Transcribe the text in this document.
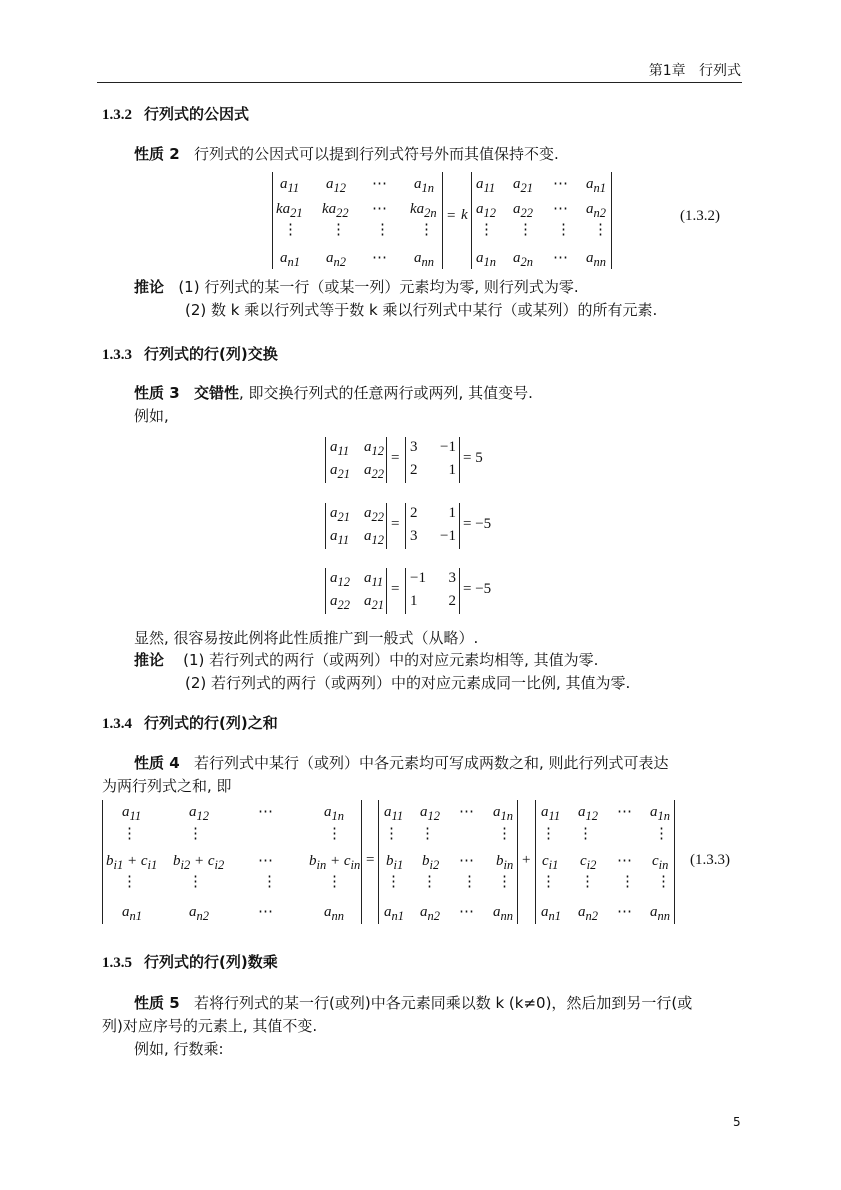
第1章 行列式
1.3.2 行列式的公因式
性质 2 行列式的公因式可以提到行列式符号外而其值保持不变.
$a_{11}$ $a_{12}$ ⋯ $a_{1n}$
$ka_{21}$ $ka_{22}$ ⋯ $ka_{2n}$
⋮ ⋮ ⋮ ⋮
$a_{n1}$ $a_{n2}$ ⋯ $a_{nn}$
= k
$a_{11}$ $a_{21}$ ⋯ $a_{n1}$
$a_{12}$ $a_{22}$ ⋯ $a_{n2}$
⋮ ⋮ ⋮ ⋮
$a_{1n}$ $a_{2n}$ ⋯ $a_{nn}$
(1.3.2)
推论 (1) 行列式的某一行（或某一列）元素均为零, 则行列式为零.
(2) 数 k 乘以行列式等于数 k 乘以行列式中某行（或某列）的所有元素.
1.3.3 行列式的行(列)交换
性质 3 交错性, 即交换行列式的任意两行或两列, 其值变号.
例如,
$a_{11}$ $a_{12}$
$a_{21}$ $a_{22}$
=
3	−1
2	1
= 5
$a_{21}$ $a_{22}$
$a_{11}$ $a_{12}$
=
2	1
3	−1
= −5
$a_{12}$ $a_{11}$
$a_{22}$ $a_{21}$
=
−1	3
1	2
= −5
显然, 很容易按此例将此性质推广到一般式（从略）.
推论 (1) 若行列式的两行（或两列）中的对应元素均相等, 其值为零.
(2) 若行列式的两行（或两列）中的对应元素成同一比例, 其值为零.
1.3.4 行列式的行(列)之和
性质 4 若行列式中某行（或列）中各元素均可写成两数之和, 则此行列式可表达
为两行列式之和, 即
$a_{11}$	$a_{12}$	⋯	$a_{1n}$
⋮	⋮	⋮
$b_{i1} + c_{i1}$ $b_{i2} + c_{i2}$ ⋯ $b_{in} + c_{in}$
⋮	⋮	⋮	⋮
$a_{n1}$	$a_{n2}$	⋯	$a_{nn}$
=
$a_{11}$ $a_{12}$ ⋯ $a_{1n}$
⋮ ⋮	⋮
$b_{i1}$ $b_{i2}$ ⋯ $b_{in}$
⋮ ⋮ ⋮ ⋮
$a_{n1}$ $a_{n2}$ ⋯ $a_{nn}$
+
$a_{11}$ $a_{12}$ ⋯ $a_{1n}$
⋮ ⋮	⋮
$c_{i1}$ $c_{i2}$ ⋯ $c_{in}$
⋮ ⋮ ⋮ ⋮
$a_{n1}$ $a_{n2}$ ⋯ $a_{nn}$
(1.3.3)
1.3.5 行列式的行(列)数乘
性质 5 若将行列式的某一行(或列)中各元素同乘以数 k (k≠0)，然后加到另一行(或
列)对应序号的元素上, 其值不变.
例如, 行数乘:
5
